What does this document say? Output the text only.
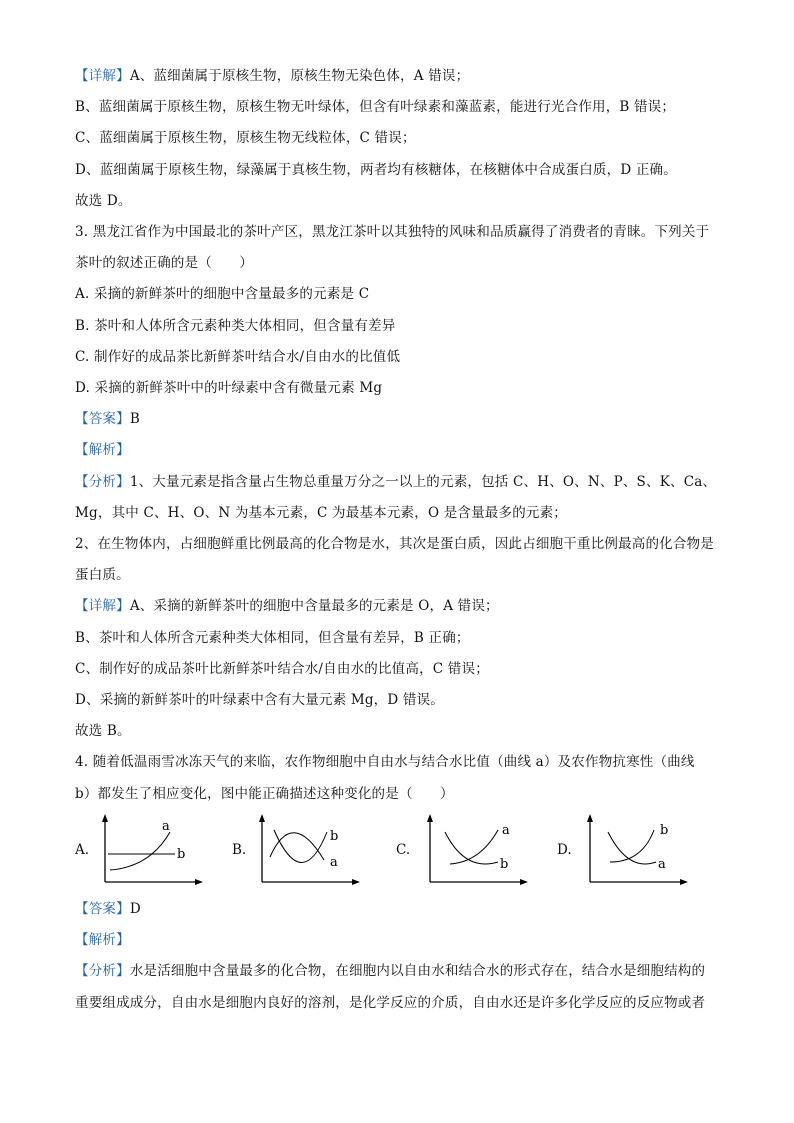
【详解】A、蓝细菌属于原核生物，原核生物无染色体，A 错误；
B、蓝细菌属于原核生物，原核生物无叶绿体，但含有叶绿素和藻蓝素，能进行光合作用，B 错误；
C、蓝细菌属于原核生物，原核生物无线粒体，C 错误；
D、蓝细菌属于原核生物，绿藻属于真核生物，两者均有核糖体，在核糖体中合成蛋白质，D 正确。
故选 D。
3. 黑龙江省作为中国最北的茶叶产区，黑龙江茶叶以其独特的风味和品质赢得了消费者的青睐。下列关于
茶叶的叙述正确的是（　　）
A. 采摘的新鲜茶叶的细胞中含量最多的元素是 C
B. 茶叶和人体所含元素种类大体相同，但含量有差异
C. 制作好的成品茶比新鲜茶叶结合水/自由水的比值低
D. 采摘的新鲜茶叶中的叶绿素中含有微量元素 Mg
【答案】B
【解析】
【分析】1、大量元素是指含量占生物总重量万分之一以上的元素，包括 C、H、O、N、P、S、K、Ca、
Mg，其中 C、H、O、N 为基本元素，C 为最基本元素，O 是含量最多的元素；
2、在生物体内，占细胞鲜重比例最高的化合物是水，其次是蛋白质，因此占细胞干重比例最高的化合物是
蛋白质。
【详解】A、采摘的新鲜茶叶的细胞中含量最多的元素是 O，A 错误；
B、茶叶和人体所含元素种类大体相同，但含量有差异，B 正确；
C、制作好的成品茶叶比新鲜茶叶结合水/自由水的比值高，C 错误；
D、采摘的新鲜茶叶的叶绿素中含有大量元素 Mg，D 错误。
故选 B。
4. 随着低温雨雪冰冻天气的来临，农作物细胞中自由水与结合水比值（曲线 a）及农作物抗寒性（曲线
b）都发生了相应变化，图中能正确描述这种变化的是（　　）
A.
a
b	B.
b
a
C.
a
b
D.
b
a
【答案】D
【解析】
【分析】水是活细胞中含量最多的化合物，在细胞内以自由水和结合水的形式存在，结合水是细胞结构的
重要组成成分，自由水是细胞内良好的溶剂，是化学反应的介质，自由水还是许多化学反应的反应物或者
